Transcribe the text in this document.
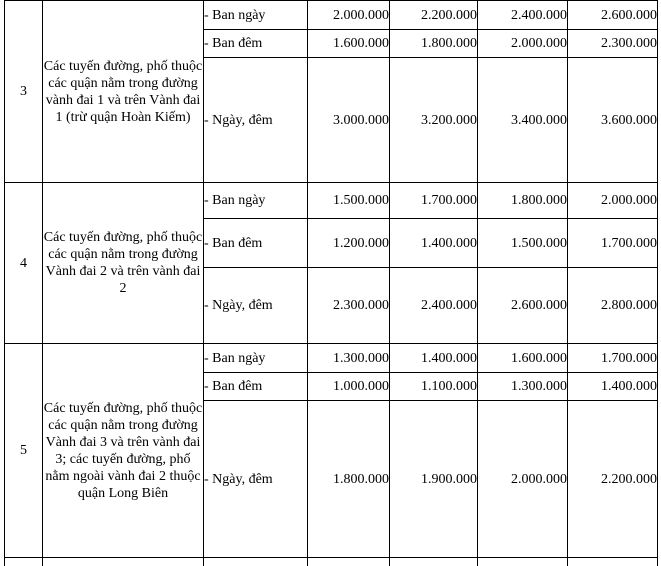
3	Các tuyến đường, phố thuộc các quận nằm trong đường vành đai 1 và trên Vành đai 1 (trừ quận Hoàn Kiếm)	- Ban ngày	2.000.000	2.200.000	2.400.000	2.600.000
		- Ban đêm	1.600.000	1.800.000	2.000.000	2.300.000
		- Ngày, đêm	3.000.000	3.200.000	3.400.000	3.600.000
4	Các tuyến đường, phố thuộc các quận nằm trong đường Vành đai 2 và trên vành đai 2	- Ban ngày	1.500.000	1.700.000	1.800.000	2.000.000
		- Ban đêm	1.200.000	1.400.000	1.500.000	1.700.000
		- Ngày, đêm	2.300.000	2.400.000	2.600.000	2.800.000
5	Các tuyến đường, phố thuộc các quận nằm trong đường Vành đai 3 và trên vành đai 3; các tuyến đường, phố nằm ngoài vành đai 2 thuộc quận Long Biên	- Ban ngày	1.300.000	1.400.000	1.600.000	1.700.000
		- Ban đêm	1.000.000	1.100.000	1.300.000	1.400.000
		- Ngày, đêm	1.800.000	1.900.000	2.000.000	2.200.000
